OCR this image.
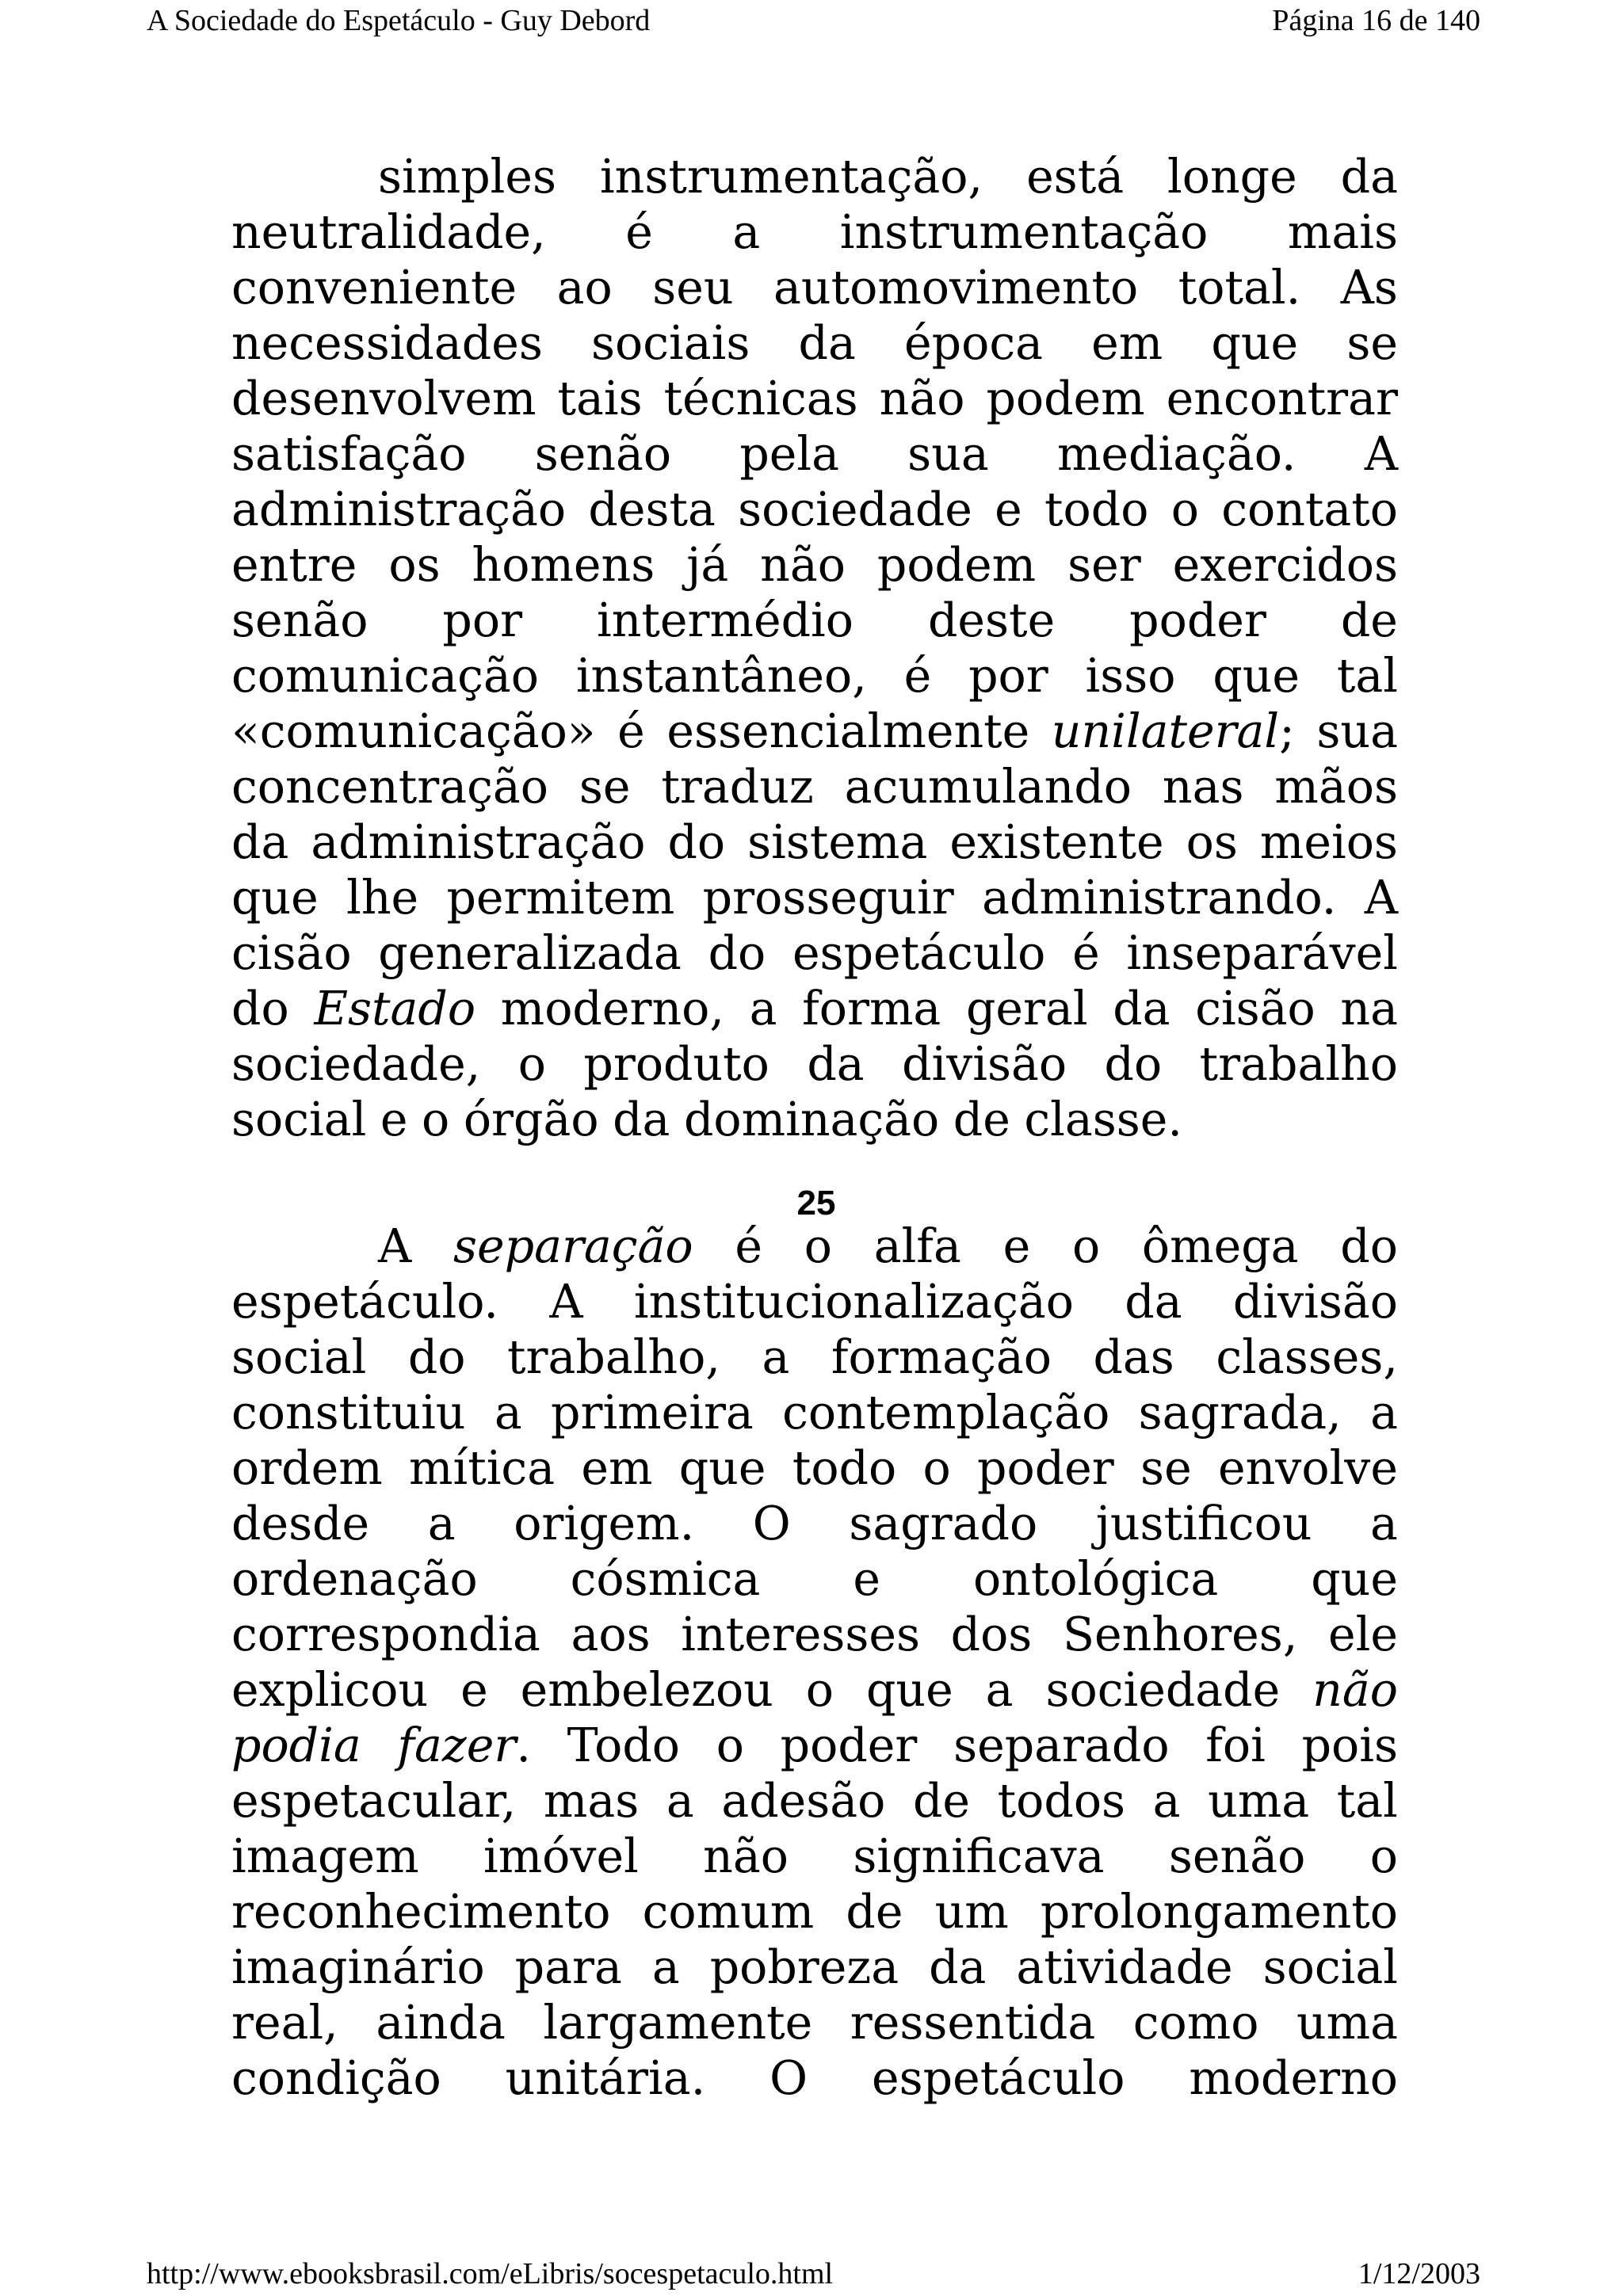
A Sociedade do Espetáculo - Guy Debord	Página 16 de 140
simples instrumentação, está longe da
neutralidade, é a instrumentação mais
conveniente ao seu automovimento total. As
necessidades sociais da época em que se
desenvolvem tais técnicas não podem encontrar
satisfação senão pela sua mediação. A
administração desta sociedade e todo o contato
entre os homens já não podem ser exercidos
senão por intermédio deste poder de
comunicação instantâneo, é por isso que tal
«comunicação» é essencialmente unilateral; sua
concentração se traduz acumulando nas mãos
da administração do sistema existente os meios
que lhe permitem prosseguir administrando. A
cisão generalizada do espetáculo é inseparável
do Estado moderno, a forma geral da cisão na
sociedade, o produto da divisão do trabalho
social e o órgão da dominação de classe.
25
A separação é o alfa e o ômega do
espetáculo. A institucionalização da divisão
social do trabalho, a formação das classes,
constituiu a primeira contemplação sagrada, a
ordem mítica em que todo o poder se envolve
desde a origem. O sagrado justificou a
ordenação cósmica e ontológica que
correspondia aos interesses dos Senhores, ele
explicou e embelezou o que a sociedade não
podia fazer. Todo o poder separado foi pois
espetacular, mas a adesão de todos a uma tal
imagem imóvel não significava senão o
reconhecimento comum de um prolongamento
imaginário para a pobreza da atividade social
real, ainda largamente ressentida como uma
condição unitária. O espetáculo moderno
http://www.ebooksbrasil.com/eLibris/socespetaculo.html	1/12/2003
